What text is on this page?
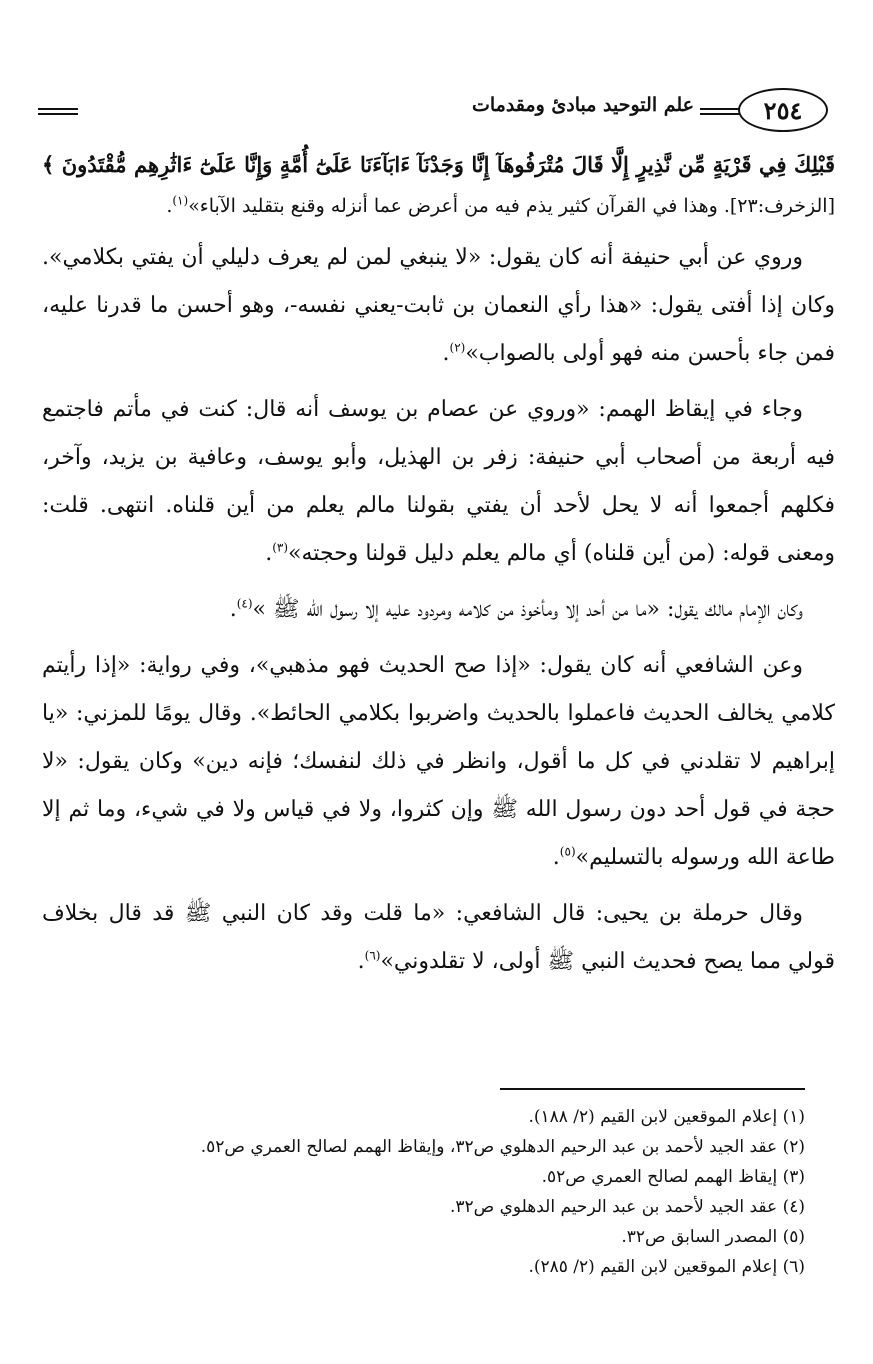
٢٥٤
علم التوحيد مبادئ ومقدمات

قَبْلِكَ فِي قَرْيَةٍ مِّن نَّذِيرٍ إِلَّا قَالَ مُتْرَفُوهَآ إِنَّا وَجَدْنَآ ءَابَآءَنَا عَلَىٰٓ أُمَّةٍ وَإِنَّا عَلَىٰٓ ءَاثَٰرِهِم مُّقْتَدُونَ ﴾

[الزخرف:٢٣]. وهذا في القرآن كثير يذم فيه من أعرض عما أنزله وقنع بتقليد الآباء»$^{(١)}$.

وروي عن أبي حنيفة أنه كان يقول: «لا ينبغي لمن لم يعرف دليلي أن يفتي بكلامي». وكان إذا أفتى يقول: «هذا رأي النعمان بن ثابت-يعني نفسه-، وهو أحسن ما قدرنا عليه، فمن جاء بأحسن منه فهو أولى بالصواب»$^{(٢)}$.

وجاء في إيقاظ الهمم: «وروي عن عصام بن يوسف أنه قال: كنت في مأتم فاجتمع فيه أربعة من أصحاب أبي حنيفة: زفر بن الهذيل، وأبو يوسف، وعافية بن يزيد، وآخر، فكلهم أجمعوا أنه لا يحل لأحد أن يفتي بقولنا مالم يعلم من أين قلناه. انتهى. قلت: ومعنى قوله: (من أين قلناه) أي مالم يعلم دليل قولنا وحجته»$^{(٣)}$.

وكان الإمام مالك يقول: «ما من أحد إلا ومأخوذ من كلامه ومردود عليه إلا رسول الله ﷺ »$^{(٤)}$.

وعن الشافعي أنه كان يقول: «إذا صح الحديث فهو مذهبي»، وفي رواية: «إذا رأيتم كلامي يخالف الحديث فاعملوا بالحديث واضربوا بكلامي الحائط». وقال يومًا للمزني: «يا إبراهيم لا تقلدني في كل ما أقول، وانظر في ذلك لنفسك؛ فإنه دين» وكان يقول: «لا حجة في قول أحد دون رسول الله ﷺ وإن كثروا، ولا في قياس ولا في شيء، وما ثم إلا طاعة الله ورسوله بالتسليم»$^{(٥)}$.

وقال حرملة بن يحيى: قال الشافعي: «ما قلت وقد كان النبي ﷺ قد قال بخلاف قولي مما يصح فحديث النبي ﷺ أولى، لا تقلدوني»$^{(٦)}$.

(١) إعلام الموقعين لابن القيم (٢/ ١٨٨).

(٢) عقد الجيد لأحمد بن عبد الرحيم الدهلوي ص٣٢، وإيقاظ الهمم لصالح العمري ص٥٢.

(٣) إيقاظ الهمم لصالح العمري ص٥٢.

(٤) عقد الجيد لأحمد بن عبد الرحيم الدهلوي ص٣٢.

(٥) المصدر السابق ص٣٢.

(٦) إعلام الموقعين لابن القيم (٢/ ٢٨٥).
